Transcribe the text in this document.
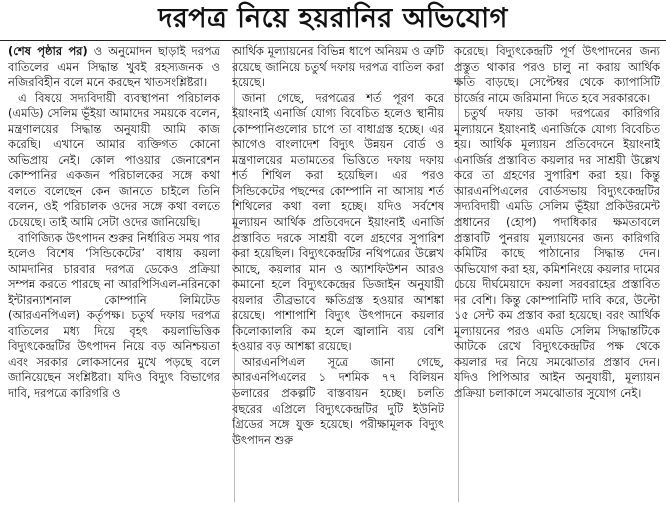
দরপত্র নিয়ে হয়রানির অভিযোগ

(শেষ পৃষ্ঠার পর) ও অনুমোদন ছাড়াই দরপত্র বাতিলের এমন সিদ্ধান্ত খুবই রহস্যজনক ও নজিরবিহীন বলে মনে করছেন খাতসংশ্লিষ্টরা।

এ বিষয়ে সদ্যবিদায়ী ব্যবস্থাপনা পরিচালক (এমডি) সেলিম ভূঁইয়া আমাদের সময়কে বলেন, মন্ত্রণালয়ের সিদ্ধান্ত অনুযায়ী আমি কাজ করেছি। এখানে আমার ব্যক্তিগত কোনো অভিপ্রায় নেই। কোল পাওয়ার জেনারেশন কোম্পানির একজন পরিচালকের সঙ্গে কথা বলতে বলেছেন কেন জানতে চাইলে তিনি বলেন, ওই পরিচালক ওদের সঙ্গে কথা বলতে চেয়েছে। তাই আমি সেটা ওদের জানিয়েছি।

বাণিজ্যিক উৎপাদন শুরুর নির্ধারিত সময় পার হলেও বিশেষ ‘সিন্ডিকেটের’ বাধায় কয়লা আমদানির চারবার দরপত্র ডেকেও প্রক্রিয়া সম্পন্ন করতে পারছে না আরপিসিএল-নরিনকো ইন্টারন্যাশনাল কোম্পানি লিমিটেড (আরএনপিএল) কর্তৃপক্ষ। চতুর্থ দফায় দরপত্র বাতিলের মধ্য দিয়ে বৃহৎ কয়লাভিত্তিক বিদ্যুৎকেন্দ্রটির উৎপাদন নিয়ে বড় অনিশ্চয়তা এবং সরকার লোকসানের মুখে পড়ছে বলে জানিয়েছেন সংশ্লিষ্টরা। যদিও বিদ্যুৎ বিভাগের দাবি, দরপত্রে কারিগরি ও

আর্থিক মূল্যায়নের বিভিন্ন ধাপে অনিয়ম ও ত্রুটি রয়েছে জানিয়ে চতুর্থ দফায় দরপত্র বাতিল করা হয়েছে।

জানা গেছে, দরপত্রের শর্ত পূরণ করে ইয়াংনাই এনার্জি যোগ্য বিবেচিত হলেও স্থানীয় কোম্পানিগুলোর চাপে তা বাধাগ্রস্ত হচ্ছে। এর আগেও বাংলাদেশ বিদ্যুৎ উন্নয়ন বোর্ড ও মন্ত্রণালয়ের মতামতের ভিত্তিতে দফায় দফায় শর্ত শিথিল করা হয়েছিল। এর পরও সিন্ডিকেটের পছন্দের কোম্পানি না আসায় শর্ত শিথিলের কথা বলা হচ্ছে। যদিও সর্বশেষ মূল্যায়ন আর্থিক প্রতিবেদনে ইয়াংনাই এনার্জি প্রস্তাবিত দরকে সাশ্রয়ী বলে গ্রহণের সুপারিশ করা হয়েছিল। বিদ্যুৎকেন্দ্রটির নথিপত্রের উল্লেখ আছে, কয়লার মান ও অ্যাশফিউশন আরও কমানো হলে বিদ্যুৎকেন্দ্রের ডিজাইন অনুযায়ী বয়লার তীব্রভাবে ক্ষতিগ্রস্ত হওয়ার আশঙ্কা রয়েছে। পাশাপাশি বিদ্যুৎ উৎপাদনে কয়লার কিলোক্যালরি কম হলে জ্বালানি ব্যয় বেশি হওয়ার বড় আশঙ্কা রয়েছে।

আরএনপিএল সূত্রে জানা গেছে, আরএনপিএলের ১ দশমিক ৭৭ বিলিয়ন ডলারের প্রকল্পটি বাস্তবায়ন হচ্ছে। চলতি বছরের এপ্রিলে বিদ্যুৎকেন্দ্রটির দুটি ইউনিট গ্রিডের সঙ্গে যুক্ত হয়েছে। পরীক্ষামূলক বিদ্যুৎ উৎপাদন শুরু

করেছে। বিদ্যুৎকেন্দ্রটি পূর্ণ উৎপাদনের জন্য প্রস্তুত থাকার পরও চালু না করায় আর্থিক ক্ষতি বাড়ছে। সেপ্টেম্বর থেকে ক্যাপাসিটি চার্জের নামে জরিমানা দিতে হবে সরকারকে।

চতুর্থ দফায় ডাকা দরপত্রের কারিগরি মূল্যায়নে ইয়াংনাই এনার্জিকে যোগ্য বিবেচিত হয়। আর্থিক মূল্যায়ন প্রতিবেদনে ইয়াংনাই এনার্জির প্রস্তাবিত কয়লার দর সাশ্রয়ী উল্লেখ করে তা গ্রহণের সুপারিশ করা হয়। কিন্তু আরএনপিএলের বোর্ডসভায় বিদ্যুৎকেন্দ্রটির সদ্যবিদায়ী এমডি সেলিম ভূঁইয়া প্রকিউরমেন্ট প্রধানের (হোপ) পদাধিকার ক্ষমতাবলে প্রস্তাবটি পুনরায় মূল্যায়নের জন্য কারিগরি কমিটির কাছে পাঠানোর সিদ্ধান্ত দেন। অভিযোগ করা হয়, কমিশনিংয়ে কয়লার দামের চেয়ে দীর্ঘমেয়াদে কয়লা সরবরাহের প্রস্তাবিত দর বেশি। কিন্তু কোম্পানিটি দাবি করে, উল্টো ১৫ সেন্ট কম প্রস্তাব করা হয়েছে। বরং আর্থিক মূল্যায়নের পরও এমডি সেলিম সিদ্ধান্তটিকে আটকে রেখে বিদ্যুৎকেন্দ্রটির পক্ষ থেকে কয়লার দর নিয়ে সমঝোতার প্রস্তাব দেন। যদিও পিপিআর আইন অনুযায়ী, মূল্যায়ন প্রক্রিয়া চলাকালে সমঝোতার সুযোগ নেই।
